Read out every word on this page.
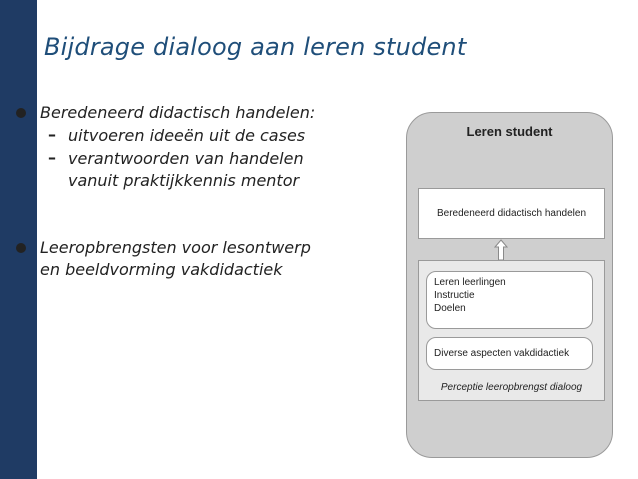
Bijdrage dialoog aan leren student
Beredeneerd didactisch handelen:
– uitvoeren ideeën uit de cases
– verantwoorden van handelen
vanuit praktijkkennis mentor
Leeropbrengsten voor lesontwerp
en beeldvorming vakdidactiek
Leren student
Beredeneerd didactisch handelen
Leren leerlingen
Instructie
Doelen
Diverse aspecten vakdidactiek
Perceptie leeropbrengst dialoog
